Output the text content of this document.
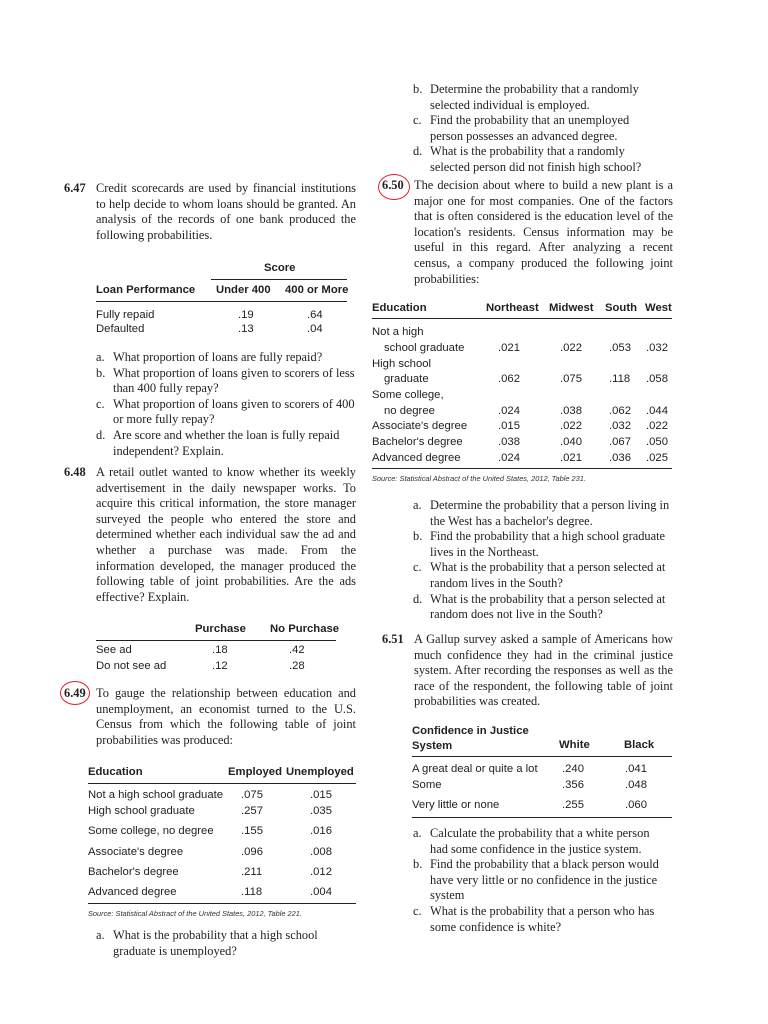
6.47 Credit scorecards are used by financial institutions to help decide to whom loans should be granted. An analysis of the records of one bank produced the following probabilities.
Score
Loan Performance Under 400 400 or More
Fully repaid	.19	.64
Defaulted	.13	.04
a. What proportion of loans are fully repaid?
b. What proportion of loans given to scorers of less than 400 fully repay?
c. What proportion of loans given to scorers of 400 or more fully repay?
d. Are score and whether the loan is fully repaid independent? Explain.
6.48 A retail outlet wanted to know whether its weekly advertisement in the daily newspaper works. To acquire this critical information, the store manager surveyed the people who entered the store and determined whether each individual saw the ad and whether a purchase was made. From the information developed, the manager produced the following table of joint probabilities. Are the ads effective? Explain.
Purchase No Purchase
See ad	.18	.42
Do not see ad	.12	.28
6.49 To gauge the relationship between education and unemployment, an economist turned to the U.S. Census from which the following table of joint probabilities was produced:
Education	Employed Unemployed
Not a high school graduate .075	.015
High school graduate	.257	.035
Some college, no degree .155	.016
Associate's degree	.096	.008
Bachelor's degree	.211	.012
Advanced degree	.118	.004
Source: Statistical Abstract of the United States, 2012, Table 221.
a. What is the probability that a high school graduate is unemployed?
b. Determine the probability that a randomly selected individual is employed.
c. Find the probability that an unemployed person possesses an advanced degree.
d. What is the probability that a randomly selected person did not finish high school?
6.50 The decision about where to build a new plant is a major one for most companies. One of the factors that is often considered is the education level of the location's residents. Census information may be useful in this regard. After analyzing a recent census, a company produced the following joint probabilities:
Education	Northeast Midwest South West
Not a high
school graduate	.021	.022 .053 .032
High school
graduate	.062	.075 .118 .058
Some college,
no degree	.024	.038 .062 .044
Associate's degree	.015	.022 .032 .022
Bachelor's degree	.038	.040 .067 .050
Advanced degree	.024	.021 .036 .025
Source: Statistical Abstract of the United States, 2012, Table 231.
a. Determine the probability that a person living in the West has a bachelor's degree.
b. Find the probability that a high school graduate lives in the Northeast.
c. What is the probability that a person selected at random lives in the South?
d. What is the probability that a person selected at random does not live in the South?
6.51 A Gallup survey asked a sample of Americans how much confidence they had in the criminal justice system. After recording the responses as well as the race of the respondent, the following table of joint probabilities was created.
Confidence in Justice System	White	Black
A great deal or quite a lot .240	.041
Some	.356	.048
Very little or none	.255	.060
a. Calculate the probability that a white person had some confidence in the justice system.
b. Find the probability that a black person would have very little or no confidence in the justice system
c. What is the probability that a person who has some confidence is white?
